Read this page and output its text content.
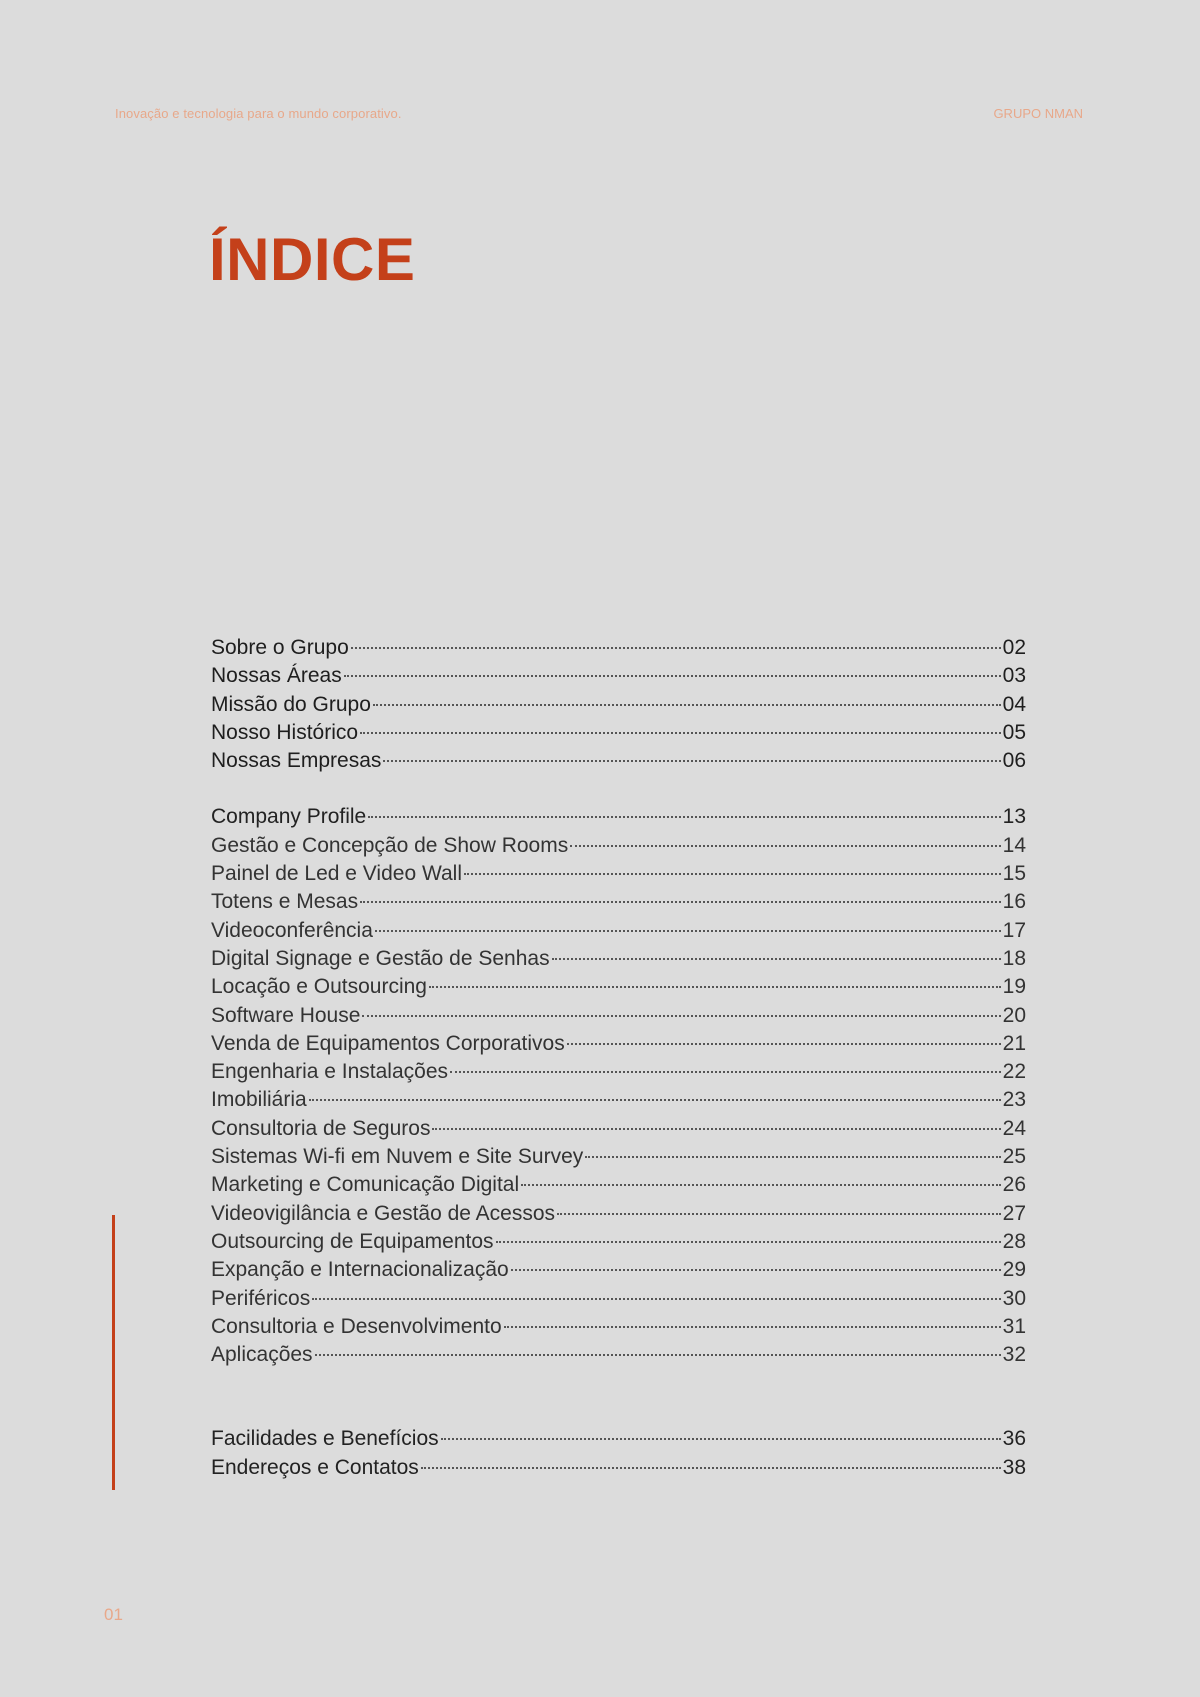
Inovação e tecnologia para o mundo corporativo.	GRUPO NMAN
ÍNDICE
Sobre o Grupo	02
Nossas Áreas	03
Missão do Grupo	04
Nosso Histórico	05
Nossas Empresas	06
Company Profile	13
Gestão e Concepção de Show Rooms	14
Painel de Led e Video Wall	15
Totens e Mesas	16
Videoconferência	17
Digital Signage e Gestão de Senhas	18
Locação e Outsourcing	19
Software House	20
Venda de Equipamentos Corporativos	21
Engenharia e Instalações	22
Imobiliária	23
Consultoria de Seguros	24
Sistemas Wi-fi em Nuvem e Site Survey	25
Marketing e Comunicação Digital	26
Videovigilância e Gestão de Acessos	27
Outsourcing de Equipamentos	28
Expanção e Internacionalização	29
Periféricos	30
Consultoria e Desenvolvimento	31
Aplicações	32
Facilidades e Benefícios	36
Endereços e Contatos	38
01
